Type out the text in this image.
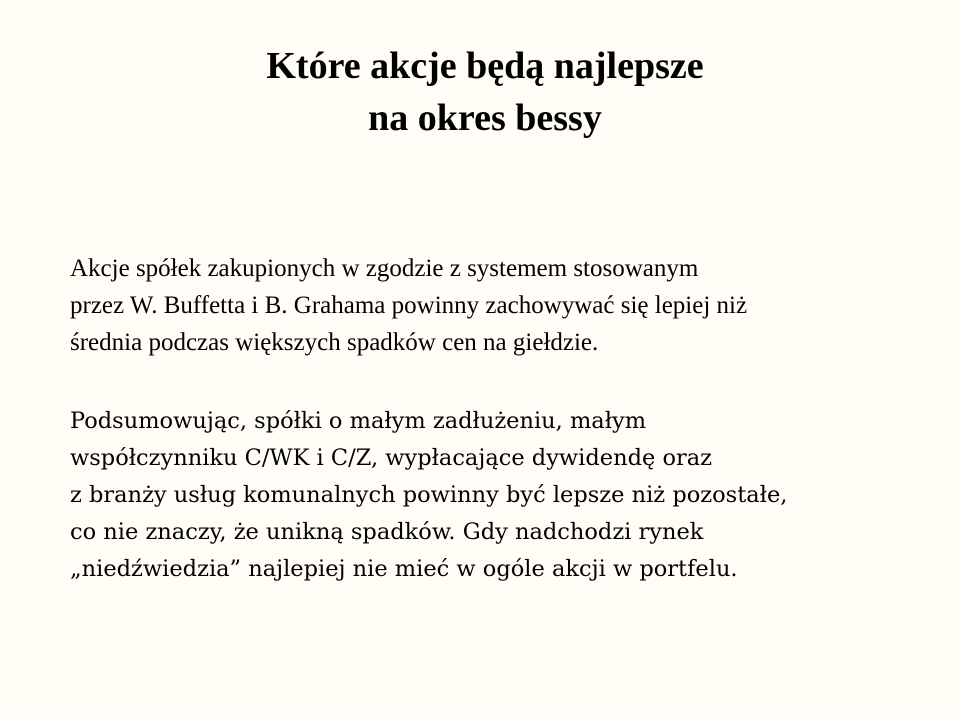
Które akcje będą najlepsze
na okres bessy

Akcje spółek zakupionych w zgodzie z systemem stosowanym
przez W. Buffetta i B. Grahama powinny zachowywać się lepiej niż
średnia podczas większych spadków cen na giełdzie.

Podsumowując, spółki o małym zadłużeniu, małym
współczynniku C/WK i C/Z, wypłacające dywidendę oraz
z branży usług komunalnych powinny być lepsze niż pozostałe,
co nie znaczy, że unikną spadków. Gdy nadchodzi rynek
„niedźwiedzia” najlepiej nie mieć w ogóle akcji w portfelu.
